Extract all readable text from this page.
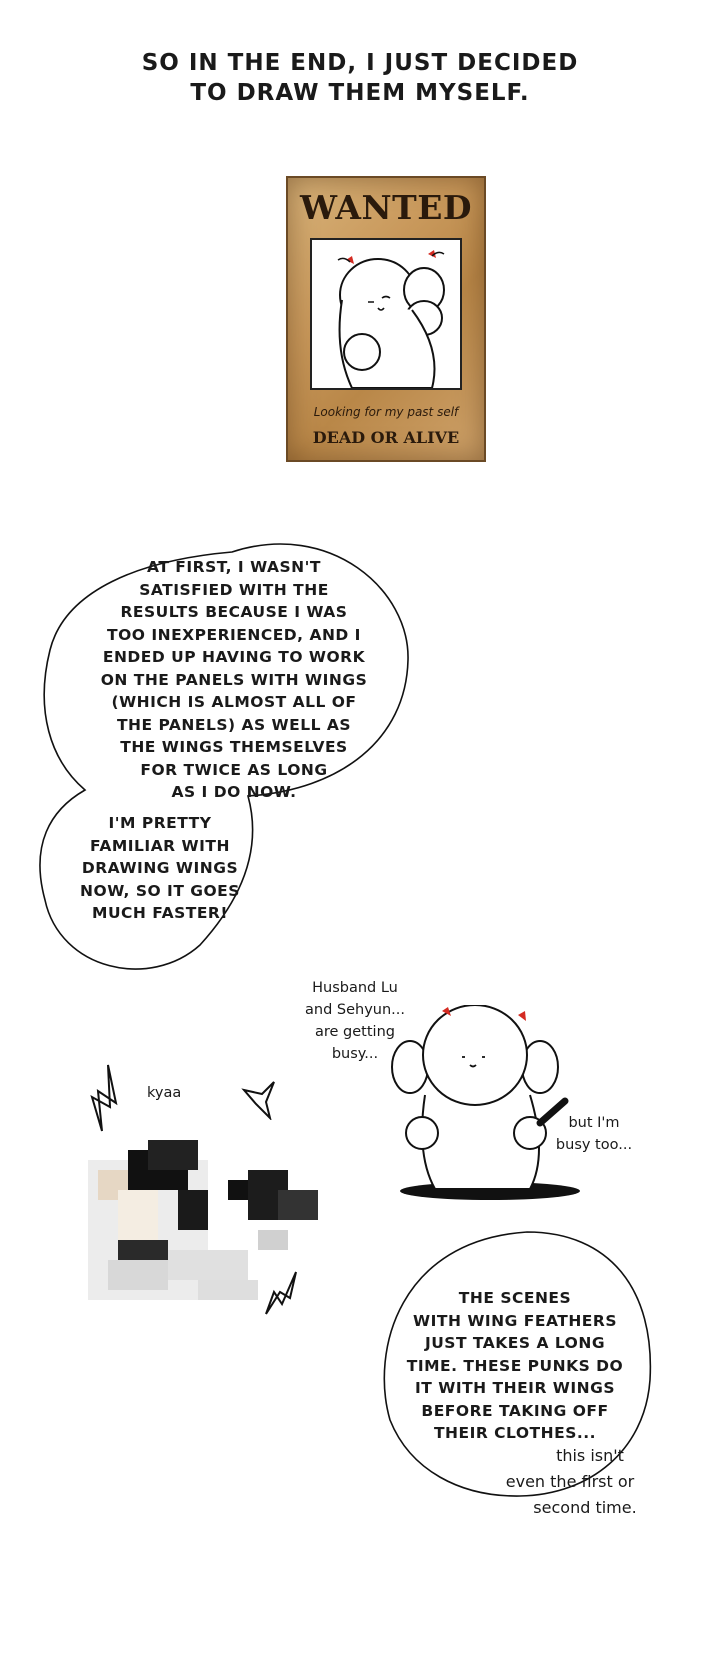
SO IN THE END, I JUST DECIDED
TO DRAW THEM MYSELF.
WANTED
Looking for my past self
DEAD OR ALIVE
AT FIRST, I WASN'T
SATISFIED WITH THE
RESULTS BECAUSE I WAS
TOO INEXPERIENCED, AND I
ENDED UP HAVING TO WORK
ON THE PANELS WITH WINGS
(WHICH IS ALMOST ALL OF
THE PANELS) AS WELL AS
THE WINGS THEMSELVES
FOR TWICE AS LONG
AS I DO NOW.
I'M PRETTY
FAMILIAR WITH
DRAWING WINGS
NOW, SO IT GOES
MUCH FASTER!
Husband Lu
and Sehyun...
are getting
busy...
kyaa
but I'm
busy too...
THE SCENES
WITH WING FEATHERS
JUST TAKES A LONG
TIME. THESE PUNKS DO
IT WITH THEIR WINGS
BEFORE TAKING OFF
THEIR CLOTHES...
this isn't
even the first or
second time.
